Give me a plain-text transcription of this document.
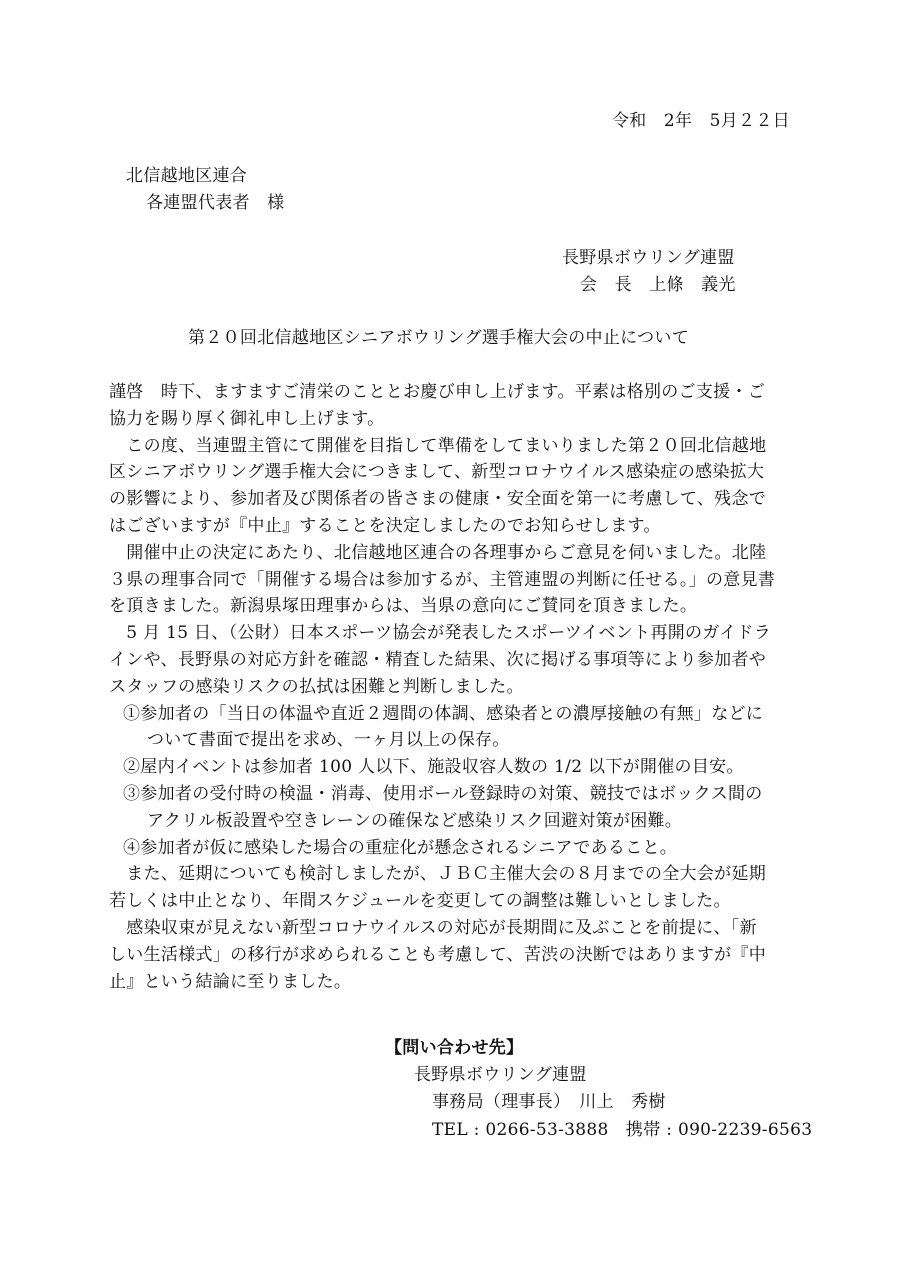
令和　2年　5月２２日
北信越地区連合
各連盟代表者　様
長野県ボウリング連盟
会　長　上條　義光
第２０回北信越地区シニアボウリング選手権大会の中止について
謹啓　時下、ますますご清栄のこととお慶び申し上げます。平素は格別のご支援・ご
協力を賜り厚く御礼申し上げます。
　この度、当連盟主管にて開催を目指して準備をしてまいりました第２０回北信越地
区シニアボウリング選手権大会につきまして、新型コロナウイルス感染症の感染拡大
の影響により、参加者及び関係者の皆さまの健康・安全面を第一に考慮して、残念で
はございますが『中止』することを決定しましたのでお知らせします。
　開催中止の決定にあたり、北信越地区連合の各理事からご意見を伺いました。北陸
３県の理事合同で「開催する場合は参加するが、主管連盟の判断に任せる。」の意見書
を頂きました。新潟県塚田理事からは、当県の意向にご賛同を頂きました。
　5 月 15 日、（公財）日本スポーツ協会が発表したスポーツイベント再開のガイドラ
インや、長野県の対応方針を確認・精査した結果、次に掲げる事項等により参加者や
スタッフの感染リスクの払拭は困難と判断しました。
①参加者の「当日の体温や直近２週間の体調、感染者との濃厚接触の有無」などに
ついて書面で提出を求め、一ヶ月以上の保存。
②屋内イベントは参加者 100 人以下、施設収容人数の 1/2 以下が開催の目安。
③参加者の受付時の検温・消毒、使用ボール登録時の対策、競技ではボックス間の
アクリル板設置や空きレーンの確保など感染リスク回避対策が困難。
④参加者が仮に感染した場合の重症化が懸念されるシニアであること。
　また、延期についても検討しましたが、ＪＢＣ主催大会の８月までの全大会が延期
若しくは中止となり、年間スケジュールを変更しての調整は難しいとしました。
　感染収束が見えない新型コロナウイルスの対応が長期間に及ぶことを前提に、「新
しい生活様式」の移行が求められることも考慮して、苦渋の決断ではありますが『中
止』という結論に至りました。
【問い合わせ先】
長野県ボウリング連盟
事務局（理事長）　川上　秀樹
TEL : 0266-53-3888　携帯 : 090-2239-6563
